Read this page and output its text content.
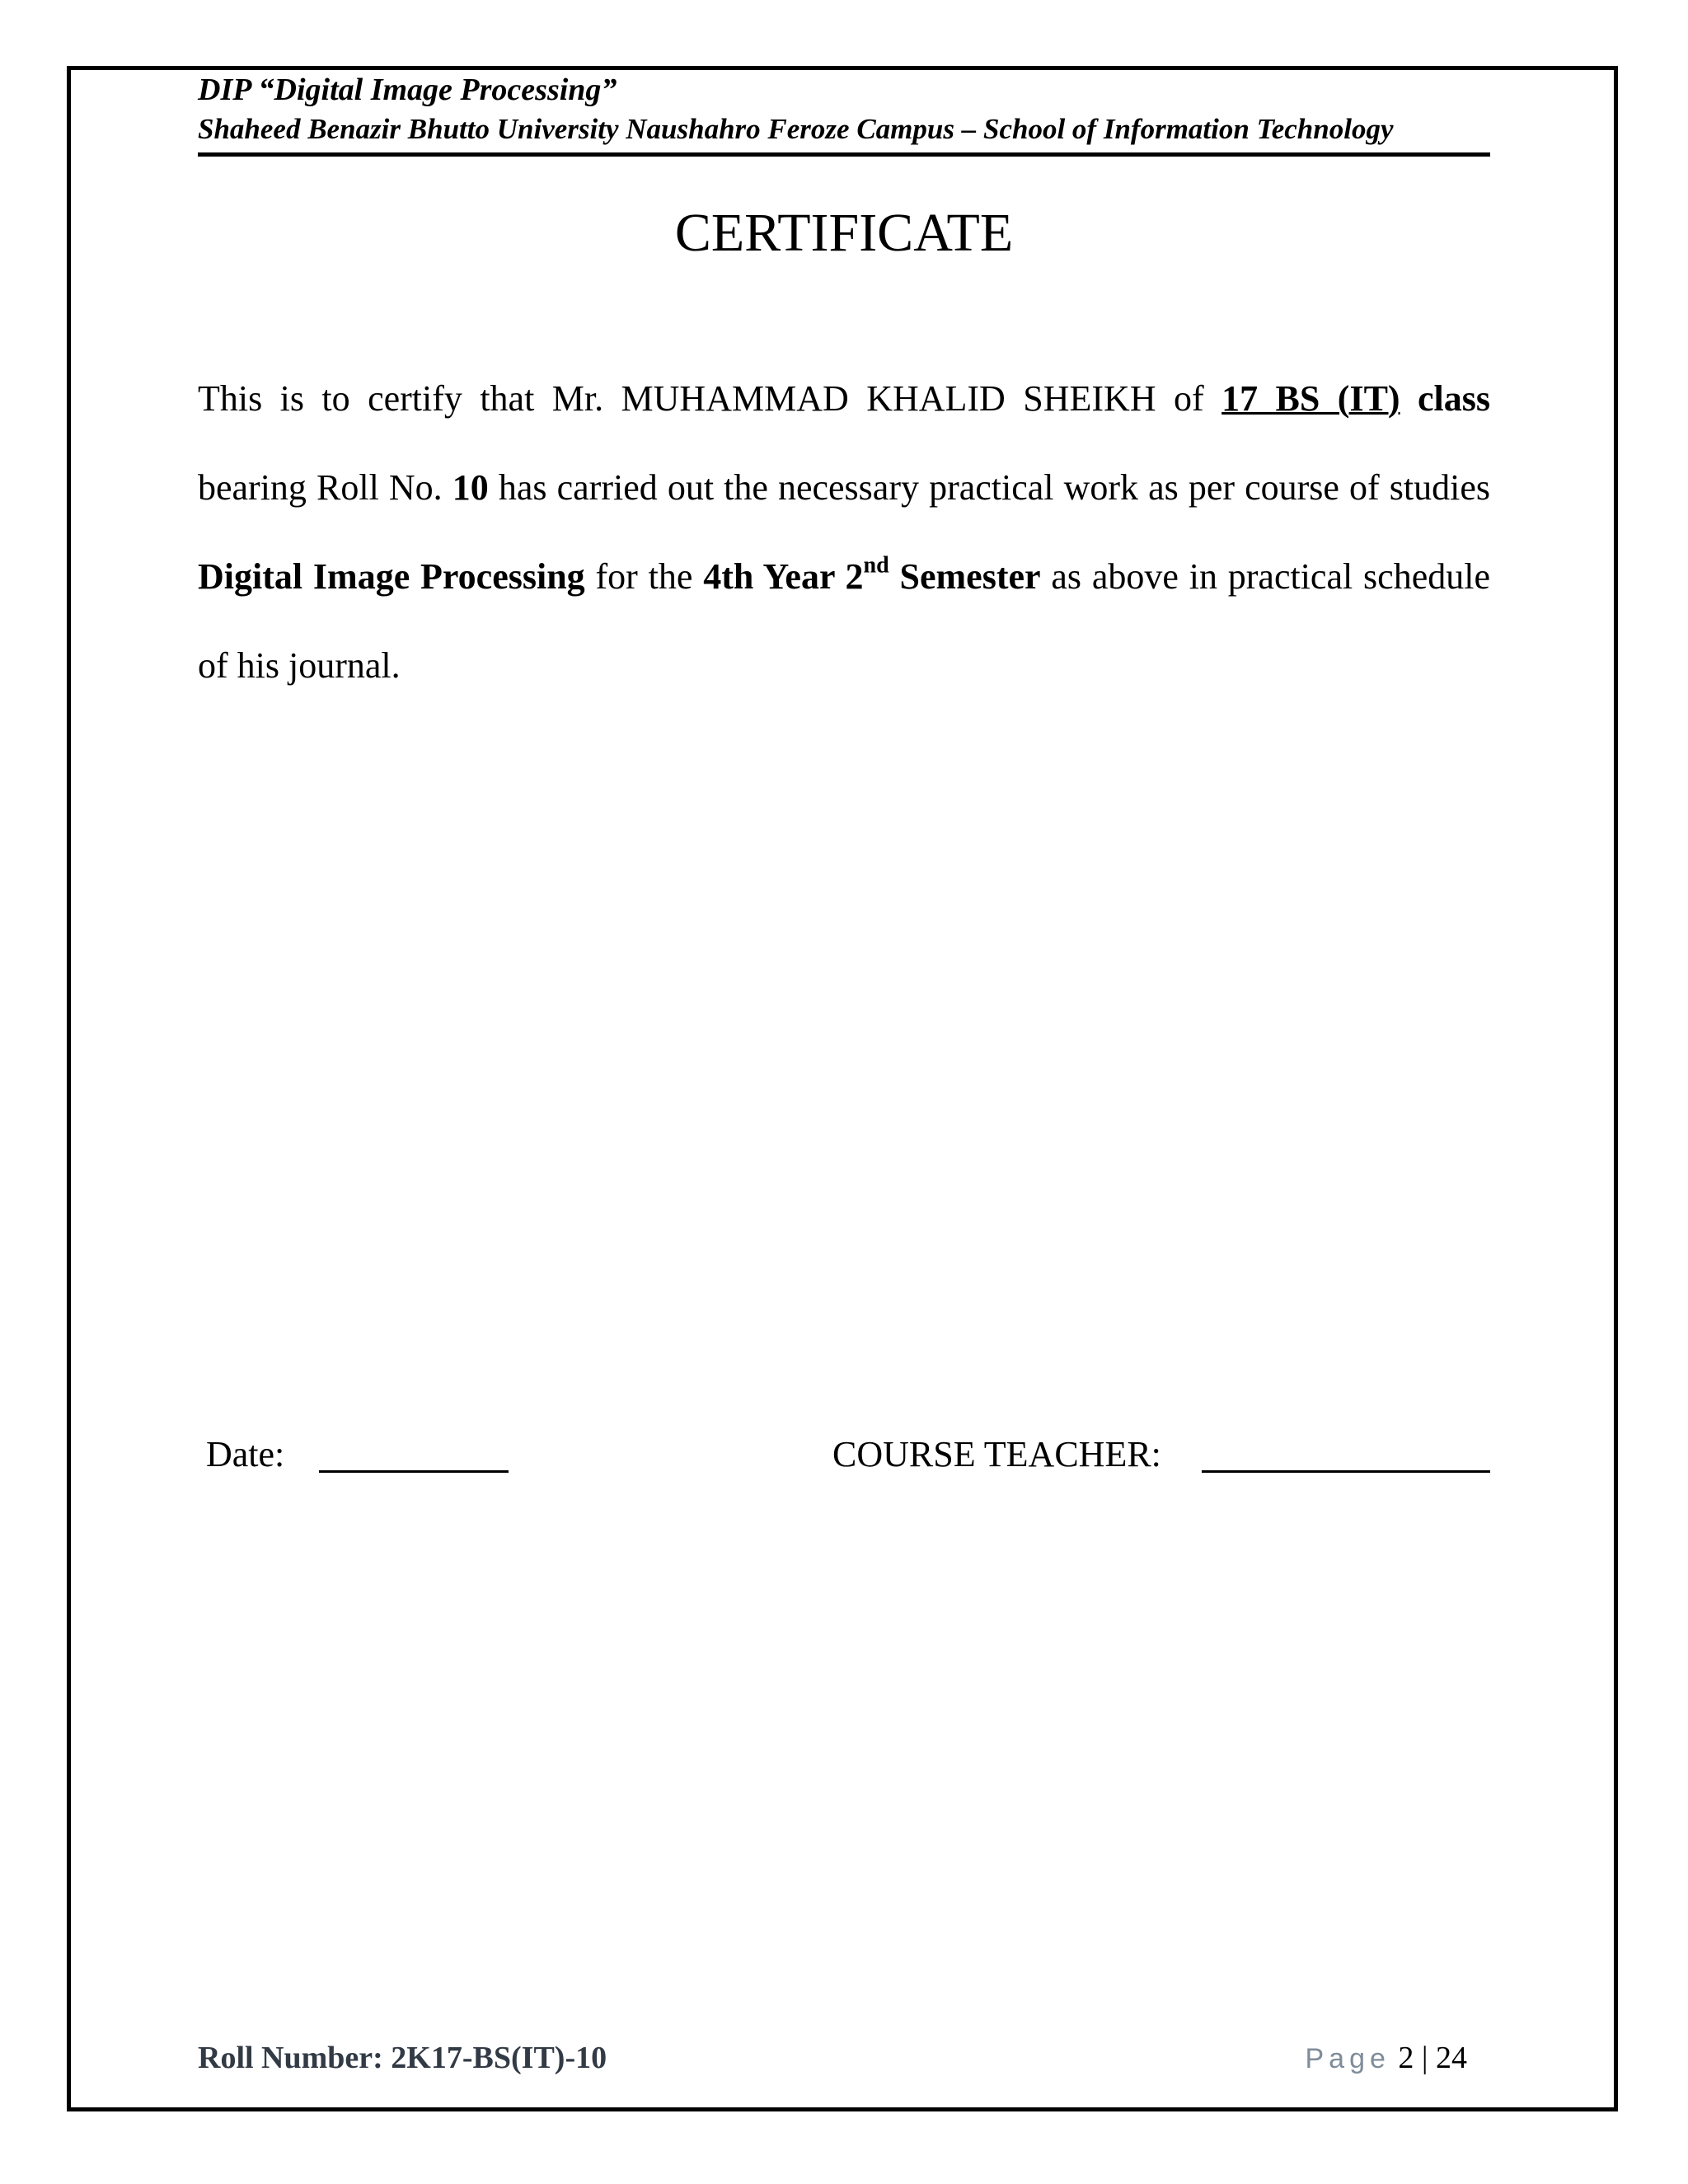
DIP “Digital Image Processing”
Shaheed Benazir Bhutto University Naushahro Feroze Campus – School of Information Technology
CERTIFICATE
This is to certify that Mr. MUHAMMAD KHALID SHEIKH of 17 BS (IT) class bearing Roll No. 10 has carried out the necessary practical work as per course of studies Digital Image Processing for the 4th Year 2nd Semester as above in practical schedule of his journal.
Date:	COURSE TEACHER:
Roll Number: 2K17-BS(IT)-10	Page 2 | 24
